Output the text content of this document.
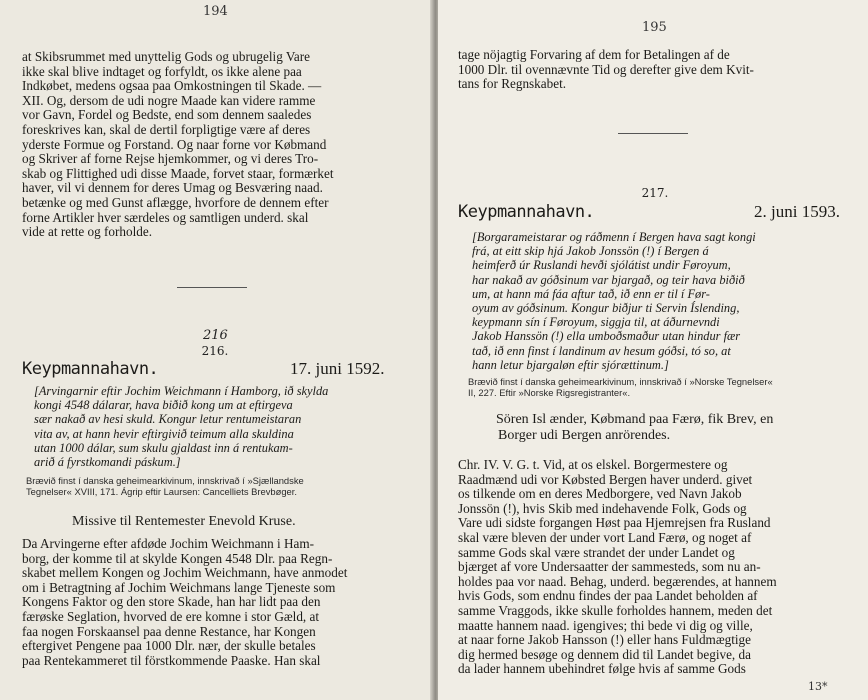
194

at Skibsrummet med unyttelig Gods og ubrugelig Vare

ikke skal blive indtaget og forfyldt, os ikke alene paa

Indkøbet, medens ogsaa paa Omkostningen til Skade. —

XII. Og, dersom de udi nogre Maade kan videre ramme

vor Gavn, Fordel og Bedste, end som dennem saaledes

foreskrives kan, skal de dertil forpligtige være af deres

yderste Formue og Forstand. Og naar forne vor Købmand

og Skriver af forne Rejse hjemkommer, og vi deres Tro-

skab og Flittighed udi disse Maade, forvet staar, formærket

haver, vil vi dennem for deres Umag og Besværing naad.

betænke og med Gunst aflægge, hvorfore de dennem efter

forne Artikler hver særdeles og samtligen underd. skal

vide at rette og forholde.

216
216.
Keypmannahavn.	17. juni 1592.

[Arvingarnir eftir Jochim Weichmann í Hamborg, ið skylda

kongi 4548 dálarar, hava biðið kong um at eftirgeva

sær nakað av hesi skuld. Kongur letur rentumeistaran

vita av, at hann hevir eftirgivið teimum alla skuldina

utan 1000 dálar, sum skulu gjaldast inn á rentukam-

arið á fyrstkomandi páskum.]

Brævið finst í danska geheimearkivinum, innskrivað í »Sjællandske

Tegnelser« XVIII, 171. Ágrip eftir Laursen: Cancelliets Brevbøger.

Missive til Rentemester Enevold Kruse.

Da Arvingerne efter afdøde Jochim Weichmann i Ham-

borg, der komme til at skylde Kongen 4548 Dlr. paa Regn-

skabet mellem Kongen og Jochim Weichmann, have anmodet

om i Betragtning af Jochim Weichmans lange Tjeneste som

Kongens Faktor og den store Skade, han har lidt paa den

færøske Seglation, hvorved de ere komne i stor Gæld, at

faa nogen Forskaansel paa denne Restance, har Kongen

eftergivet Pengene paa 1000 Dlr. nær, der skulle betales

paa Rentekammeret til förstkommende Paaske. Han skal

195

tage nöjagtig Forvaring af dem for Betalingen af de

1000 Dlr. til ovennævnte Tid og derefter give dem Kvit-

tans for Regnskabet.

217.
Keypmannahavn.	2. juni 1593.

[Borgarameistarar og ráðmenn í Bergen hava sagt kongi

frá, at eitt skip hjá Jakob Jonssön (!) í Bergen á

heimferð úr Ruslandi hevði sjólátist undir Føroyum,

har nakað av góðsinum var bjargað, og teir hava biðið

um, at hann má fáa aftur tað, ið enn er til í Før-

oyum av góðsinum. Kongur biðjur ti Servin Íslending,

keypmann sín í Føroyum, siggja til, at áðurnevndi

Jakob Hanssön (!) ella umboðsmaður utan hindur fær

tað, ið enn finst í landinum av hesum góðsi, tó so, at

hann letur bjargaløn eftir sjórættinum.]

Brævið finst í danska geheimearkivinum, innskrivað í »Norske Tegnelser«

II, 227. Eftir »Norske Rigsregistranter«.

Sören Isl ænder, Købmand paa Færø, fik Brev, en
Borger udi Bergen anrörendes.

Chr. IV. V. G. t. Vid, at os elskel. Borgermestere og

Raadmænd udi vor Købsted Bergen haver underd. givet

os tilkende om en deres Medborgere, ved Navn Jakob

Jonssön (!), hvis Skib med indehavende Folk, Gods og

Vare udi sidste forgangen Høst paa Hjemrejsen fra Rusland

skal være bleven der under vort Land Færø, og noget af

samme Gods skal være strandet der under Landet og

bjærget af vore Undersaatter der sammesteds, som nu an-

holdes paa vor naad. Behag, underd. begærendes, at hannem

hvis Gods, som endnu findes der paa Landet beholden af

samme Vraggods, ikke skulle forholdes hannem, meden det

maatte hannem naad. igengives; thi bede vi dig og ville,

at naar forne Jakob Hansson (!) eller hans Fuldmægtige

dig hermed besøge og dennem did til Landet begive, da

da lader hannem ubehindret følge hvis af samme Gods

13*
